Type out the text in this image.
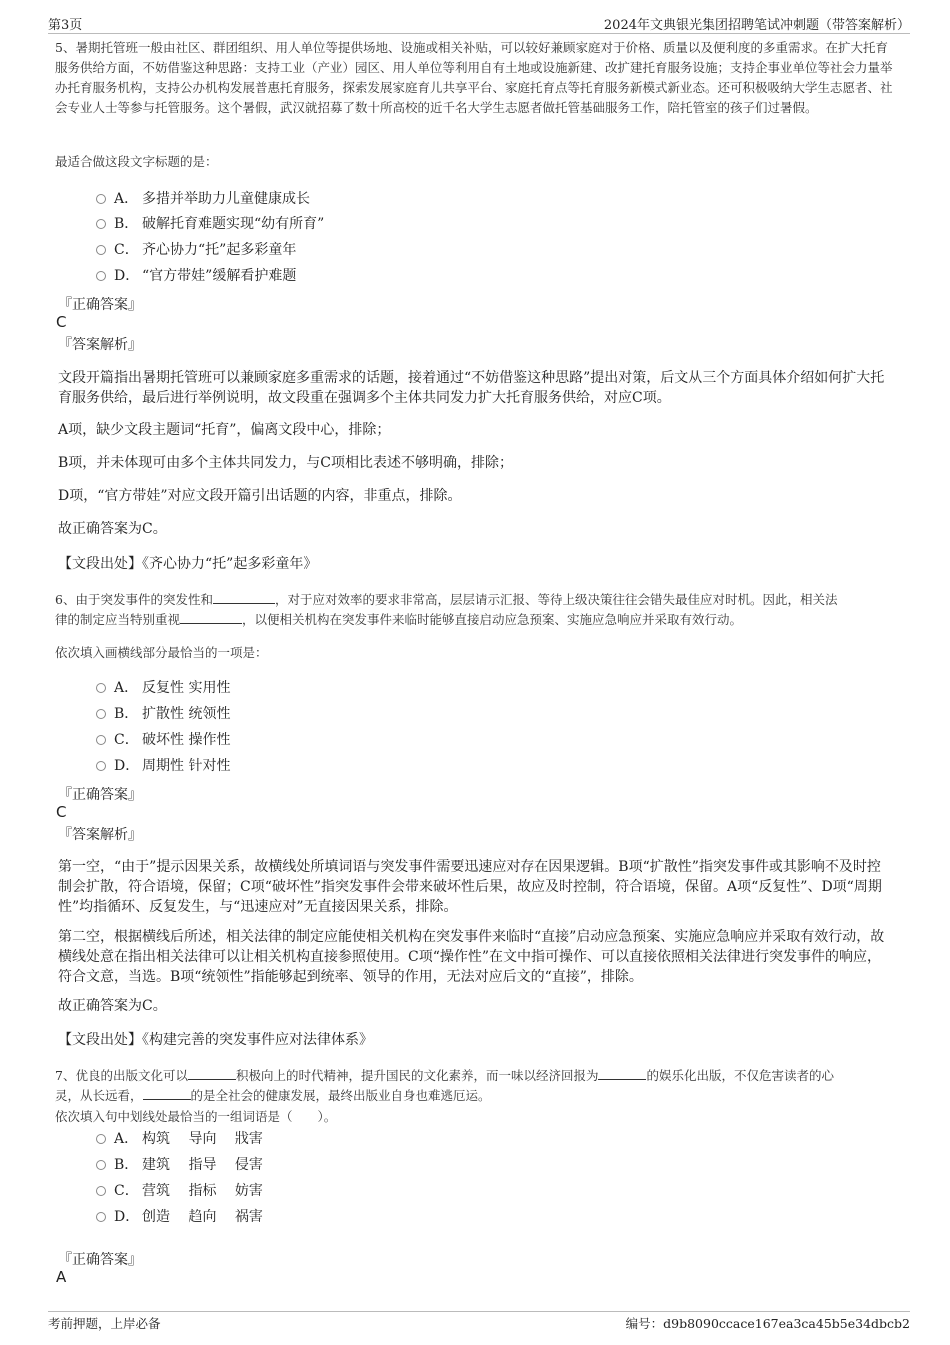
第3页	2024年文典银光集团招聘笔试冲刺题（带答案解析）

5、暑期托管班一般由社区、群团组织、用人单位等提供场地、设施或相关补贴，可以较好兼顾家庭对于价格、质量以及便利度的多重需求。在扩大托育服务供给方面，不妨借鉴这种思路：支持工业（产业）园区、用人单位等利用自有土地或设施新建、改扩建托育服务设施；支持企事业单位等社会力量举办托育服务机构，支持公办机构发展普惠托育服务，探索发展家庭育儿共享平台、家庭托育点等托育服务新模式新业态。还可积极吸纳大学生志愿者、社会专业人士等参与托管服务。这个暑假，武汉就招募了数十所高校的近千名大学生志愿者做托管基础服务工作，陪托管室的孩子们过暑假。

最适合做这段文字标题的是：
A． 多措并举助力儿童健康成长
B． 破解托育难题实现“幼有所育”
C． 齐心协力“托”起多彩童年
D． “官方带娃”缓解看护难题
『正确答案』
C
『答案解析』

文段开篇指出暑期托管班可以兼顾家庭多重需求的话题，接着通过“不妨借鉴这种思路”提出对策，后文从三个方面具体介绍如何扩大托育服务供给，最后进行举例说明，故文段重在强调多个主体共同发力扩大托育服务供给，对应C项。

A项，缺少文段主题词“托育”，偏离文段中心，排除；

B项，并未体现可由多个主体共同发力，与C项相比表述不够明确，排除；

D项，“官方带娃”对应文段开篇引出话题的内容，非重点，排除。

故正确答案为C。

【文段出处】《齐心协力“托”起多彩童年》

6、由于突发事件的突发性和	，对于应对效率的要求非常高，层层请示汇报、等待上级决策往往会错失最佳应对时机。因此，相关法
律的制定应当特别重视	，以便相关机构在突发事件来临时能够直接启动应急预案、实施应急响应并采取有效行动。
依次填入画横线部分最恰当的一项是：
A． 反复性 实用性
B． 扩散性 统领性
C． 破坏性 操作性
D． 周期性 针对性
『正确答案』
C
『答案解析』

第一空，“由于”提示因果关系，故横线处所填词语与突发事件需要迅速应对存在因果逻辑。B项“扩散性”指突发事件或其影响不及时控制会扩散，符合语境，保留；C项“破坏性”指突发事件会带来破坏性后果，故应及时控制，符合语境，保留。A项“反复性”、D项“周期性”均指循环、反复发生，与“迅速应对”无直接因果关系，排除。

第二空，根据横线后所述，相关法律的制定应能使相关机构在突发事件来临时“直接”启动应急预案、实施应急响应并采取有效行动，故横线处意在指出相关法律可以让相关机构直接参照使用。C项“操作性”在文中指可操作、可以直接依照相关法律进行突发事件的响应，符合文意，当选。B项“统领性”指能够起到统率、领导的作用，无法对应后文的“直接”，排除。

故正确答案为C。

【文段出处】《构建完善的突发事件应对法律体系》

7、优良的出版文化可以	积极向上的时代精神，提升国民的文化素养，而一味以经济回报为	的娱乐化出版，不仅危害读者的心
灵，从长远看，	的是全社会的健康发展，最终出版业自身也难逃厄运。
依次填入句中划线处最恰当的一组词语是（　　）。
A． 构筑　 导向　 戕害
B． 建筑　 指导　 侵害
C． 营筑　 指标　 妨害
D． 创造　 趋向　 祸害
『正确答案』
A
考前押题，上岸必备	编号：d9b8090ccace167ea3ca45b5e34dbcb2
